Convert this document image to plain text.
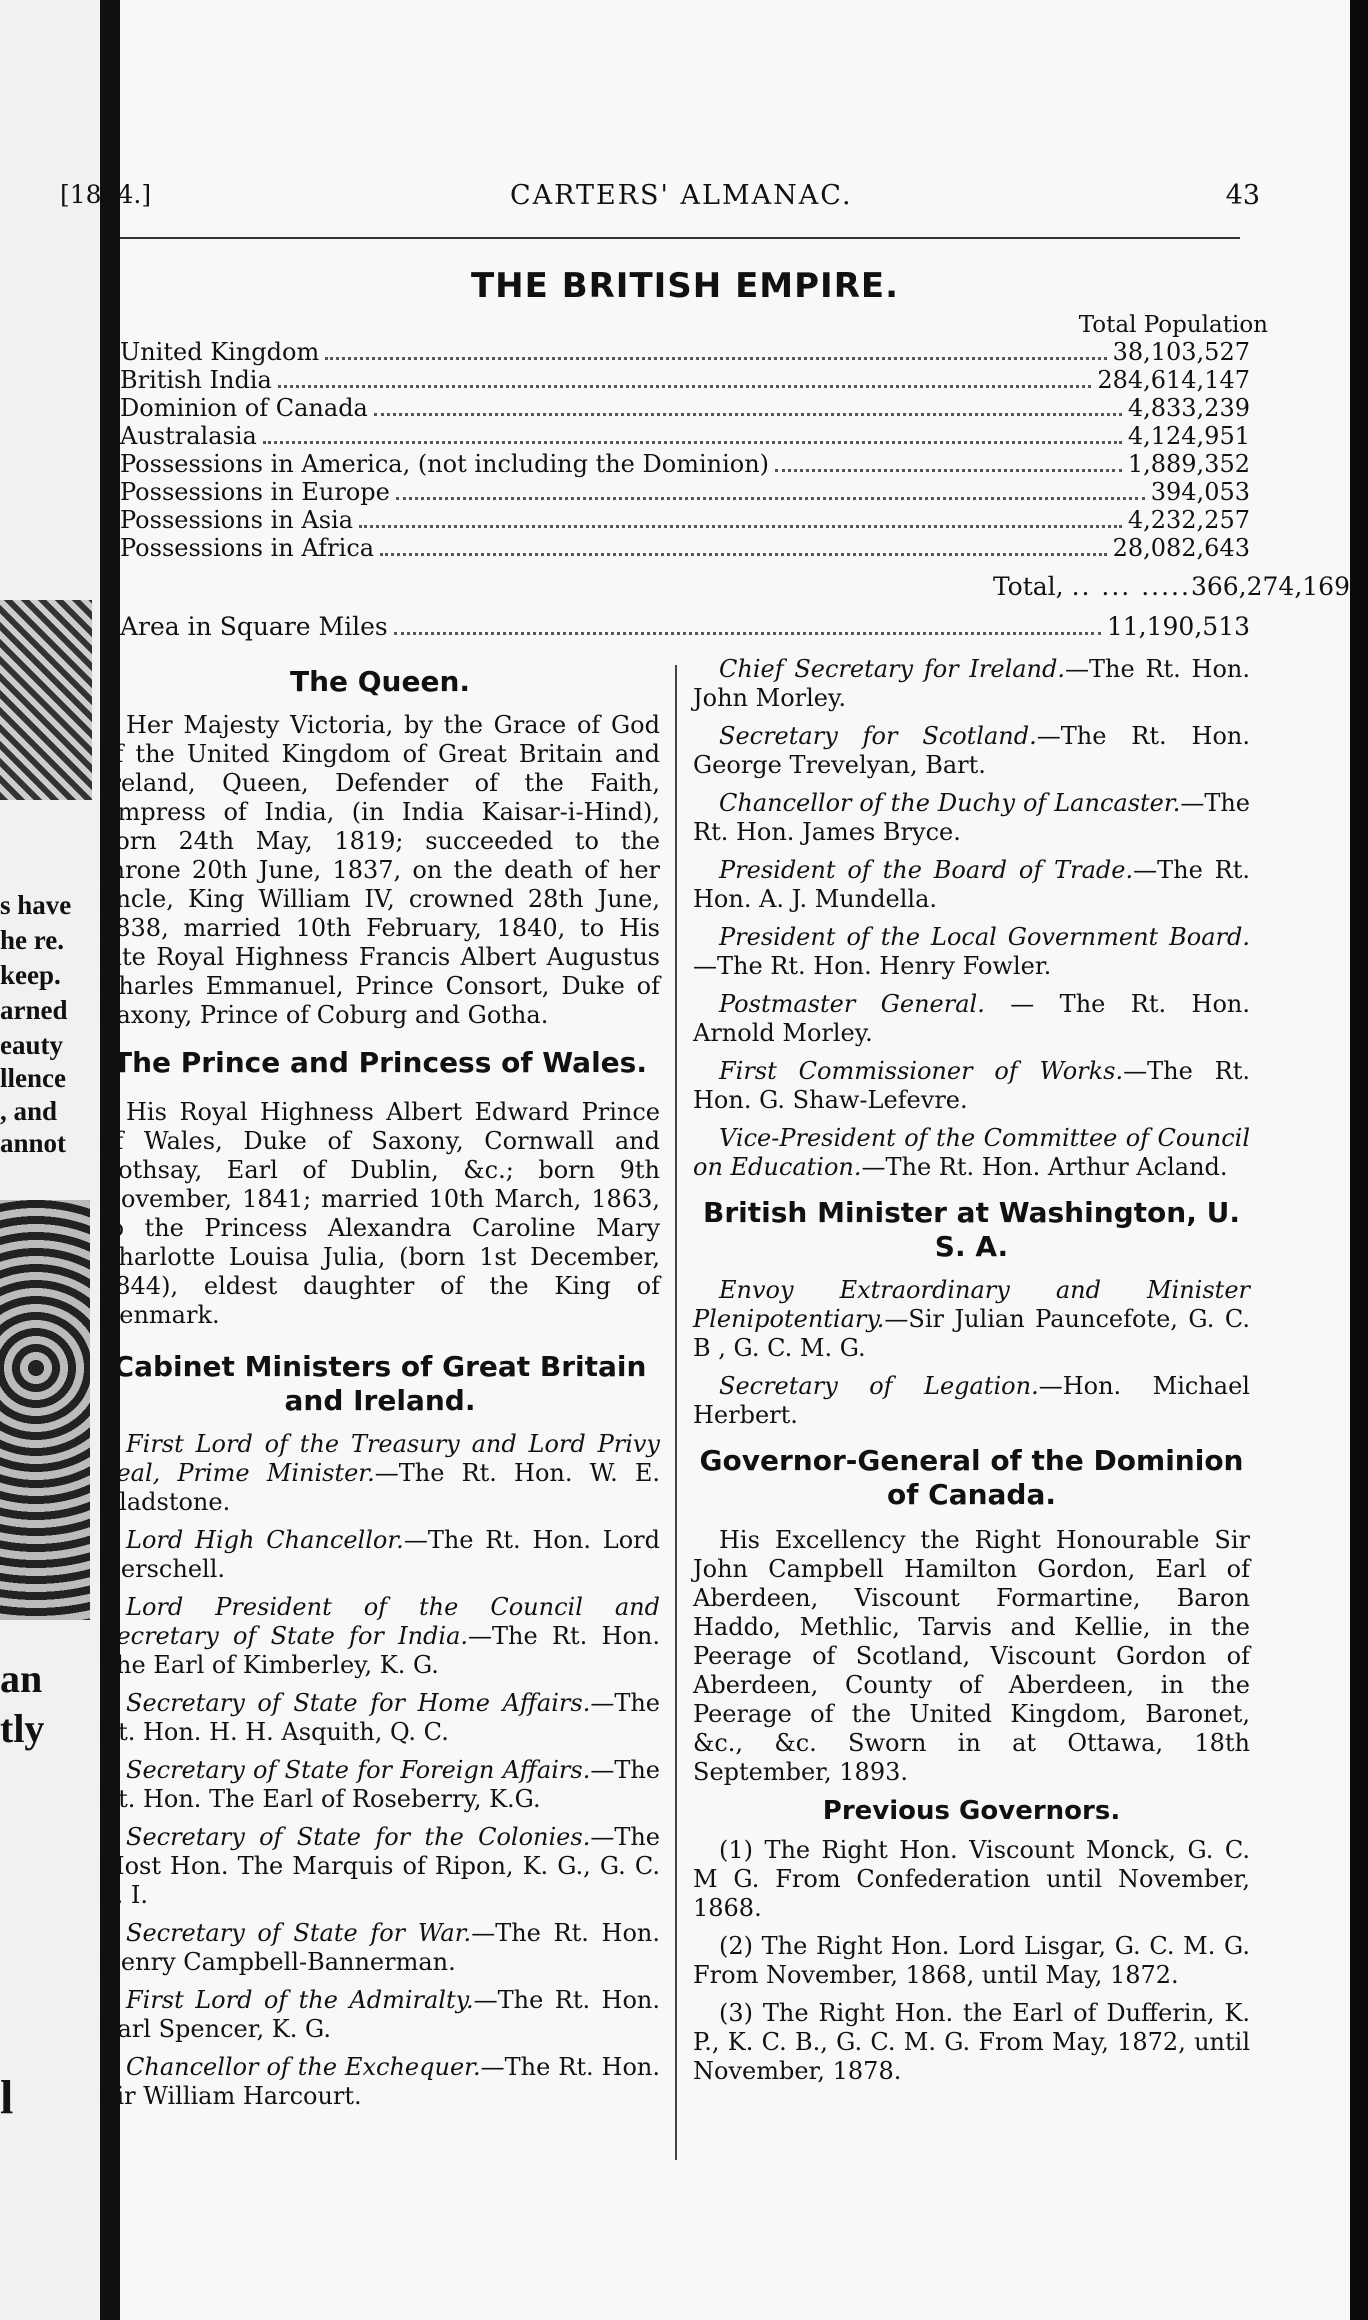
s have
he re.
keep.
arned
eauty
llence
, and
annot
an
tly
l
[1894.]	CARTERS' ALMANAC.	43
THE BRITISH EMPIRE.
Total Population
United Kingdom	38,103,527
British India	284,614,147
Dominion of Canada	4,833,239
Australasia	4,124,951
Possessions in America, (not including the Dominion)	1,889,352
Possessions in Europe	394,053
Possessions in Asia	4,232,257
Possessions in Africa	28,082,643
Total, .. ... .....366,274,169
Area in Square Miles	11,190,513
The Queen.

Her Majesty Victoria, by the Grace of God of the United Kingdom of Great Britain and Ireland, Queen, Defender of the Faith, Empress of India, (in India Kaisar-i-Hind), born 24th May, 1819; succeeded to the throne 20th June, 1837, on the death of her uncle, King William IV, crowned 28th June, 1838, married 10th February, 1840, to His late Royal Highness Francis Albert Augustus Charles Emmanuel, Prince Consort, Duke of Saxony, Prince of Coburg and Gotha.

The Prince and Princess of Wales.

His Royal Highness Albert Edward Prince of Wales, Duke of Saxony, Cornwall and Rothsay, Earl of Dublin, &c.; born 9th November, 1841; married 10th March, 1863, to the Princess Alexandra Caroline Mary Charlotte Louisa Julia, (born 1st December, 1844), eldest daughter of the King of Denmark.

Cabinet Ministers of Great Britain and Ireland.

First Lord of the Treasury and Lord Privy Seal, Prime Minister.—The Rt. Hon. W. E. Gladstone.

Lord High Chancellor.—The Rt. Hon. Lord Herschell.

Lord President of the Council and Secretary of State for India.—The Rt. Hon. The Earl of Kimberley, K. G.

Secretary of State for Home Affairs.—The Rt. Hon. H. H. Asquith, Q. C.

Secretary of State for Foreign Affairs.—The Rt. Hon. The Earl of Roseberry, K.G.

Secretary of State for the Colonies.—The Most Hon. The Marquis of Ripon, K. G., G. C. S. I.

Secretary of State for War.—The Rt. Hon. Henry Campbell-Bannerman.

First Lord of the Admiralty.—The Rt. Hon. Earl Spencer, K. G.

Chancellor of the Exchequer.—The Rt. Hon. Sir William Harcourt.

Chief Secretary for Ireland.—The Rt. Hon. John Morley.

Secretary for Scotland.—The Rt. Hon. George Trevelyan, Bart.

Chancellor of the Duchy of Lancaster.—The Rt. Hon. James Bryce.

President of the Board of Trade.—The Rt. Hon. A. J. Mundella.

President of the Local Government Board.—The Rt. Hon. Henry Fowler.

Postmaster General. — The Rt. Hon. Arnold Morley.

First Commissioner of Works.—The Rt. Hon. G. Shaw-Lefevre.

Vice-President of the Committee of Council on Education.—The Rt. Hon. Arthur Acland.

British Minister at Washington, U. S. A.

Envoy Extraordinary and Minister Plenipotentiary.—Sir Julian Pauncefote, G. C. B , G. C. M. G.

Secretary of Legation.—Hon. Michael Herbert.

Governor-General of the Dominion of Canada.

His Excellency the Right Honourable Sir John Campbell Hamilton Gordon, Earl of Aberdeen, Viscount Formartine, Baron Haddo, Methlic, Tarvis and Kellie, in the Peerage of Scotland, Viscount Gordon of Aberdeen, County of Aberdeen, in the Peerage of the United Kingdom, Baronet, &c., &c. Sworn in at Ottawa, 18th September, 1893.

Previous Governors.

(1) The Right Hon. Viscount Monck, G. C. M G. From Confederation until November, 1868.

(2) The Right Hon. Lord Lisgar, G. C. M. G. From November, 1868, until May, 1872.

(3) The Right Hon. the Earl of Dufferin, K. P., K. C. B., G. C. M. G. From May, 1872, until November, 1878.
